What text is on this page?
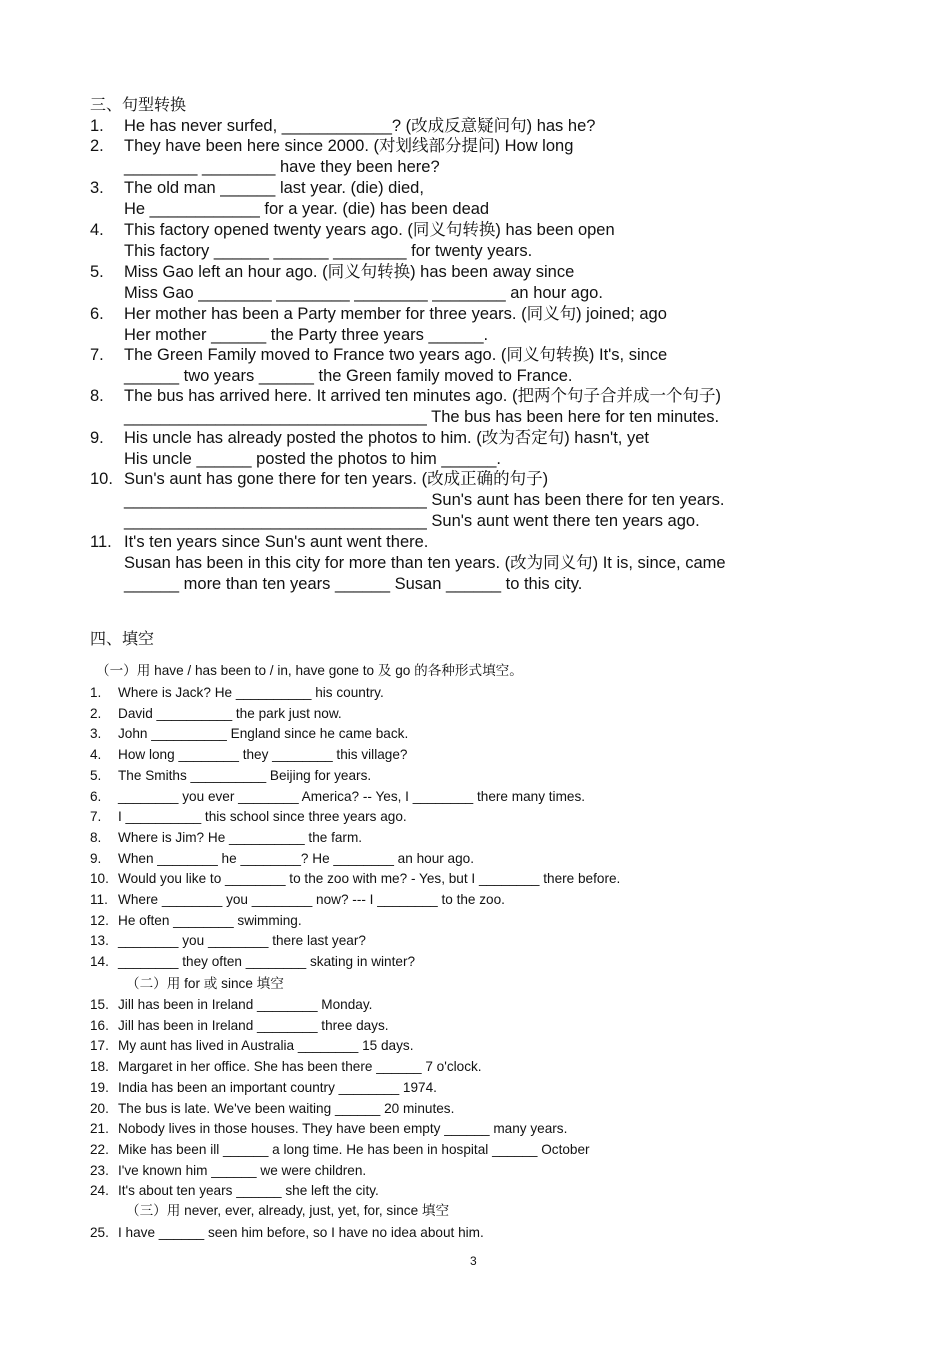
三、句型转换
1. He has never surfed, ____________? (改成反意疑问句) has he?
2. They have been here since 2000. (对划线部分提问) How long
________ ________ have they been here?
3. The old man ______ last year. (die) died,
He ____________ for a year. (die) has been dead
4. This factory opened twenty years ago. (同义句转换) has been open
This factory ______ ______ ________ for twenty years.
5. Miss Gao left an hour ago. (同义句转换) has been away since
Miss Gao ________ ________ ________ ________ an hour ago.
6. Her mother has been a Party member for three years. (同义句) joined; ago
Her mother ______ the Party three years ______.
7. The Green Family moved to France two years ago. (同义句转换) It's, since
______ two years ______ the Green family moved to France.
8. The bus has arrived here. It arrived ten minutes ago. (把两个句子合并成一个句子)
_________________________________ The bus has been here for ten minutes.
9. His uncle has already posted the photos to him. (改为否定句) hasn't, yet
His uncle ______ posted the photos to him ______.
10. Sun's aunt has gone there for ten years. (改成正确的句子)
_________________________________ Sun's aunt has been there for ten years.
_________________________________ Sun's aunt went there ten years ago.
11. It's ten years since Sun's aunt went there.
Susan has been in this city for more than ten years. (改为同义句) It is, since, came
______ more than ten years ______ Susan ______ to this city.
四、填空
（一）用 have / has been to / in, have gone to 及 go 的各种形式填空。
（二）用 for 或 since 填空
（三）用 never, ever, already, just, yet, for, since 填空
1. Where is Jack? He __________ his country.
2. David __________ the park just now.
3. John __________ England since he came back.
4. How long ________ they ________ this village?
5. The Smiths __________ Beijing for years.
6. ________ you ever ________ America? -- Yes, I ________ there many times.
7. I __________ this school since three years ago.
8. Where is Jim? He __________ the farm.
9. When ________ he ________? He ________ an hour ago.
10. Would you like to ________ to the zoo with me? - Yes, but I ________ there before.
11. Where ________ you ________ now? --- I ________ to the zoo.
12. He often ________ swimming.
13. ________ you ________ there last year?
14. ________ they often ________ skating in winter?
15. Jill has been in Ireland ________ Monday.
16. Jill has been in Ireland ________ three days.
17. My aunt has lived in Australia ________ 15 days.
18. Margaret in her office. She has been there ______ 7 o'clock.
19. India has been an important country ________ 1974.
20. The bus is late. We've been waiting ______ 20 minutes.
21. Nobody lives in those houses. They have been empty ______ many years.
22. Mike has been ill ______ a long time. He has been in hospital ______ October
23. I've known him ______ we were children.
24. It's about ten years ______ she left the city.
25. I have ______ seen him before, so I have no idea about him.
3
